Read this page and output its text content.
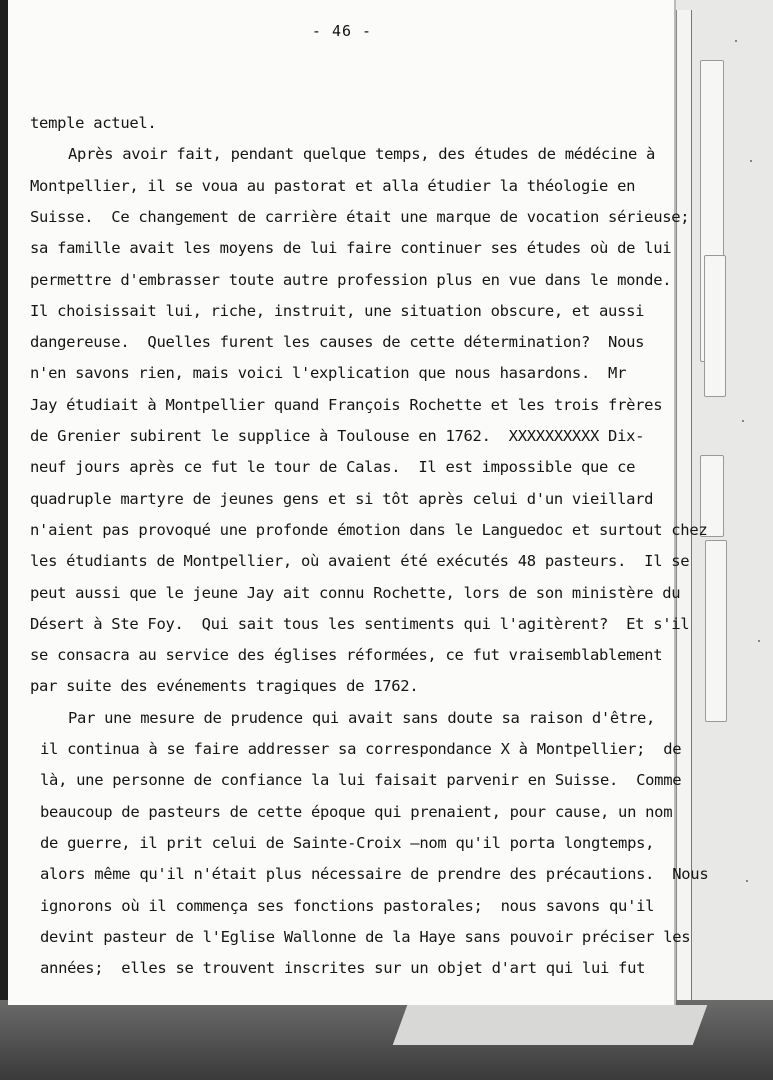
- 46 -
temple actuel.
Après avoir fait, pendant quelque temps, des études de médécine à
Montpellier, il se voua au pastorat et alla étudier la théologie en
Suisse.  Ce changement de carrière était une marque de vocation sérieuse;
sa famille avait les moyens de lui faire continuer ses études où de lui
permettre d'embrasser toute autre profession plus en vue dans le monde.
Il choisissait lui, riche, instruit, une situation obscure, et aussi
dangereuse.  Quelles furent les causes de cette détermination?  Nous
n'en savons rien, mais voici l'explication que nous hasardons.  Mr
Jay étudiait à Montpellier quand François Rochette et les trois frères
de Grenier subirent le supplice à Toulouse en 1762.  XXXXXXXXXX Dix-
neuf jours après ce fut le tour de Calas.  Il est impossible que ce
quadruple martyre de jeunes gens et si tôt après celui d'un vieillard
n'aient pas provoqué une profonde émotion dans le Languedoc et surtout chez
les étudiants de Montpellier, où avaient été exécutés 48 pasteurs.  Il se
peut aussi que le jeune Jay ait connu Rochette, lors de son ministère du
Désert à Ste Foy.  Qui sait tous les sentiments qui l'agitèrent?  Et s'il
se consacra au service des églises réformées, ce fut vraisemblablement
par suite des evénements tragiques de 1762.
Par une mesure de prudence qui avait sans doute sa raison d'être,
il continua à se faire addresser sa correspondance X à Montpellier;  de
là, une personne de confiance la lui faisait parvenir en Suisse.  Comme
beaucoup de pasteurs de cette époque qui prenaient, pour cause, un nom
de guerre, il prit celui de Sainte-Croix —nom qu'il porta longtemps,
alors même qu'il n'était plus nécessaire de prendre des précautions.  Nous
ignorons où il commença ses fonctions pastorales;  nous savons qu'il
devint pasteur de l'Eglise Wallonne de la Haye sans pouvoir préciser les
années;  elles se trouvent inscrites sur un objet d'art qui lui fut
